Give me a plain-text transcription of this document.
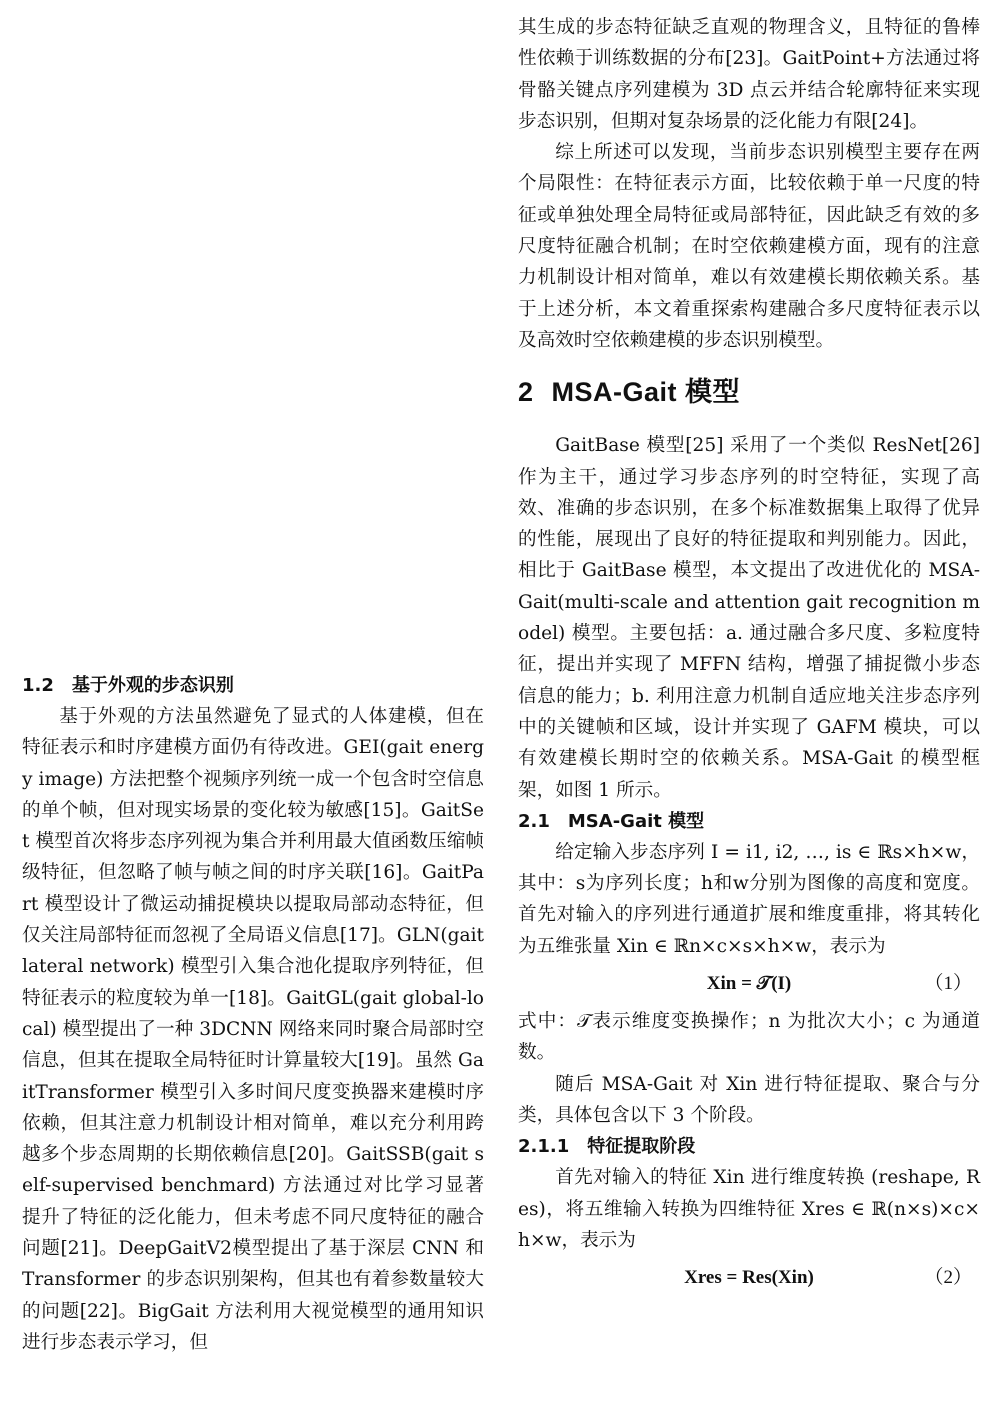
1.2 基于外观的步态识别

基于外观的方法虽然避免了显式的人体建模，但在特征表示和时序建模方面仍有待改进。GEI(gait energy image) 方法把整个视频序列统一成一个包含时空信息的单个帧，但对现实场景的变化较为敏感[15]。GaitSet 模型首次将步态序列视为集合并利用最大值函数压缩帧级特征，但忽略了帧与帧之间的时序关联[16]。GaitPart 模型设计了微运动捕捉模块以提取局部动态特征，但仅关注局部特征而忽视了全局语义信息[17]。GLN(gait lateral network) 模型引入集合池化提取序列特征，但特征表示的粒度较为单一[18]。GaitGL(gait global-local) 模型提出了一种 3DCNN 网络来同时聚合局部时空信息，但其在提取全局特征时计算量较大[19]。虽然 GaitTransformer 模型引入多时间尺度变换器来建模时序依赖，但其注意力机制设计相对简单，难以充分利用跨越多个步态周期的长期依赖信息[20]。GaitSSB(gait self-supervised benchmard) 方法通过对比学习显著提升了特征的泛化能力，但未考虑不同尺度特征的融合问题[21]。DeepGaitV2模型提出了基于深层 CNN 和 Transformer 的步态识别架构，但其也有着参数量较大的问题[22]。BigGait 方法利用大视觉模型的通用知识进行步态表示学习，但

其生成的步态特征缺乏直观的物理含义，且特征的鲁棒性依赖于训练数据的分布[23]。GaitPoint+方法通过将骨骼关键点序列建模为 3D 点云并结合轮廓特征来实现步态识别，但期对复杂场景的泛化能力有限[24]。

综上所述可以发现，当前步态识别模型主要存在两个局限性：在特征表示方面，比较依赖于单一尺度的特征或单独处理全局特征或局部特征，因此缺乏有效的多尺度特征融合机制；在时空依赖建模方面，现有的注意力机制设计相对简单，难以有效建模长期依赖关系。基于上述分析，本文着重探索构建融合多尺度特征表示以及高效时空依赖建模的步态识别模型。

2 MSA-Gait 模型

GaitBase 模型[25] 采用了一个类似 ResNet[26] 作为主干，通过学习步态序列的时空特征，实现了高效、准确的步态识别，在多个标准数据集上取得了优异的性能，展现出了良好的特征提取和判别能力。因此，相比于 GaitBase 模型，本文提出了改进优化的 MSA-Gait(multi-scale and attention gait recognition model) 模型。主要包括：a. 通过融合多尺度、多粒度特征，提出并实现了 MFFN 结构，增强了捕捉微小步态信息的能力；b. 利用注意力机制自适应地关注步态序列中的关键帧和区域，设计并实现了 GAFM 模块，可以有效建模长期时空的依赖关系。MSA-Gait 的模型框架，如图 1 所示。

2.1 MSA-Gait 模型

给定输入步态序列 I = i1, i2, …, is ∈ ℝs×h×w，其中：s为序列长度；h和w分别为图像的高度和宽度。首先对输入的序列进行通道扩展和维度重排，将其转化为五维张量 Xin ∈ ℝn×c×s×h×w，表示为

Xin = 𝒯(I)	（1）

式中：𝒯表示维度变换操作；n 为批次大小；c 为通道数。

随后 MSA-Gait 对 Xin 进行特征提取、聚合与分类，具体包含以下 3 个阶段。

2.1.1 特征提取阶段

首先对输入的特征 Xin 进行维度转换 (reshape, Res)，将五维输入转换为四维特征 Xres ∈ ℝ(n×s)×c×h×w，表示为

Xres = Res(Xin)	（2）
